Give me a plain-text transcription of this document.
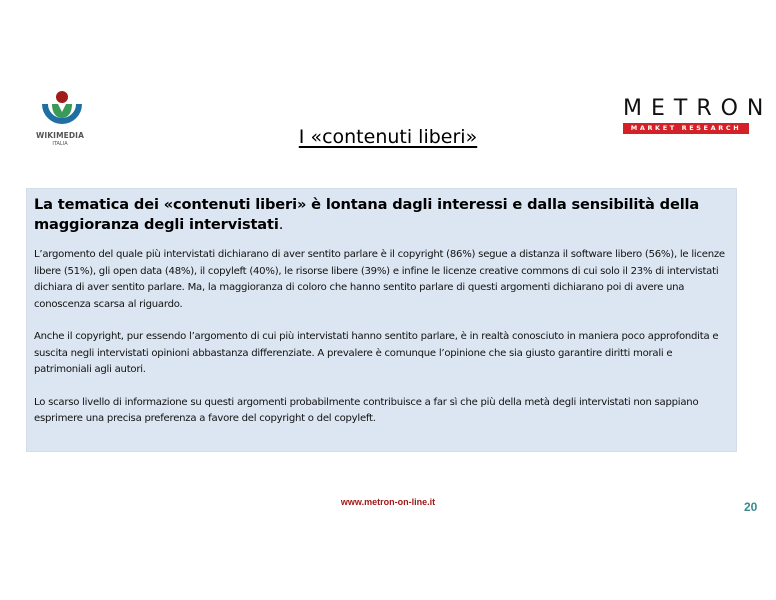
WIKIMEDIA
ITALIA
METRON
MARKET RESEARCH
I «contenuti liberi»

La tematica dei «contenuti liberi» è lontana dagli interessi e dalla sensibilità della maggioranza degli intervistati.

L’argomento del quale più intervistati dichiarano di aver sentito parlare è il copyright (86%) segue a distanza il software libero (56%), le licenze libere (51%), gli open data (48%), il copyleft (40%), le risorse libere (39%) e infine le licenze creative commons di cui solo il 23% di intervistati dichiara di aver sentito parlare. Ma, la maggioranza di coloro che hanno sentito parlare di questi argomenti dichiarano poi di avere una conoscenza scarsa al riguardo.

Anche il copyright, pur essendo l’argomento di cui più intervistati hanno sentito parlare, è in realtà conosciuto in maniera poco approfondita e suscita negli intervistati opinioni abbastanza differenziate. A prevalere è comunque l’opinione che sia giusto garantire diritti morali e patrimoniali agli autori.

Lo scarso livello di informazione su questi argomenti probabilmente contribuisce a far sì che più della metà degli intervistati non sappiano esprimere una precisa preferenza a favore del copyright o del copyleft.

www.metron-on-line.it	20
